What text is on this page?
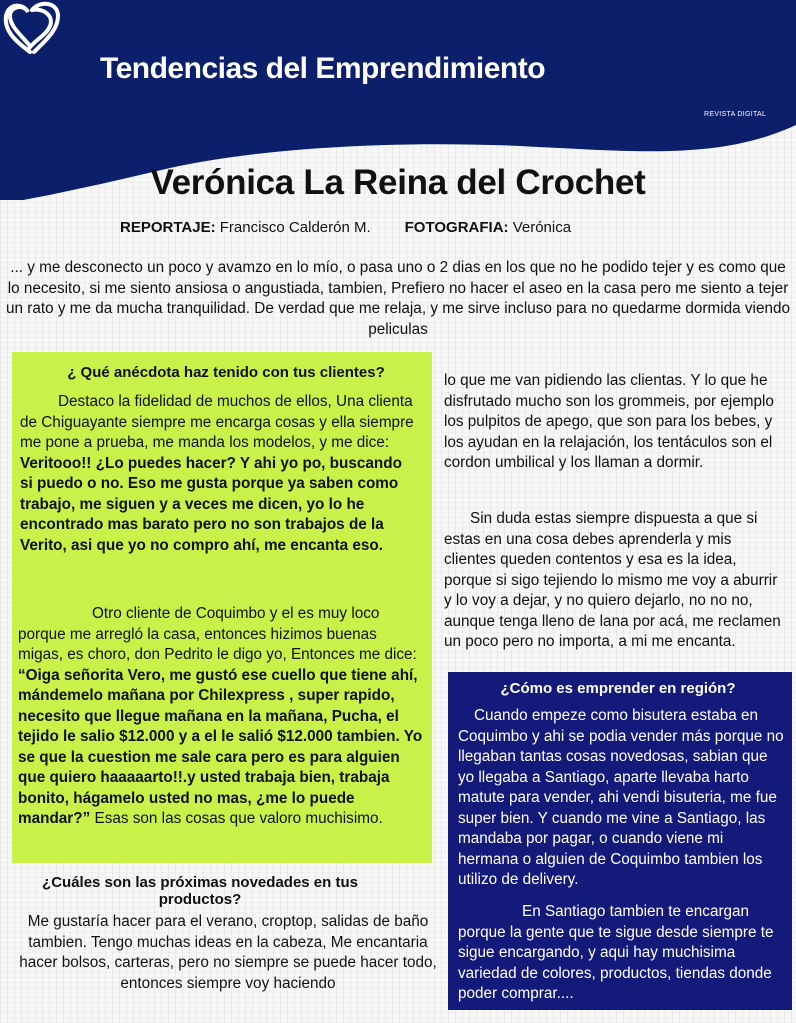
Tendencias del Emprendimiento
REVISTA DIGITAL
Verónica La Reina del Crochet
REPORTAJE: Francisco Calderón M. FOTOGRAFIA: Verónica
... y me desconecto un poco y avamzo en lo mío, o pasa uno o 2 dias en los que no he podido tejer y es como que lo necesito, si me siento ansiosa o angustiada, tambien, Prefiero no hacer el aseo en la casa pero me siento a tejer un rato y me da mucha tranquilidad. De verdad que me relaja, y me sirve incluso para no quedarme dormida viendo peliculas
¿ Qué anécdota haz tenido con tus clientes?
Destaco la fidelidad de muchos de ellos, Una clienta de Chiguayante siempre me encarga cosas y ella siempre me pone a prueba, me manda los modelos, y me dice: Veritooo!! ¿Lo puedes hacer? Y ahi yo po, buscando si puedo o no. Eso me gusta porque ya saben como trabajo, me siguen y a veces me dicen, yo lo he encontrado mas barato pero no son trabajos de la Verito, asi que yo no compro ahí, me encanta eso.
Otro cliente de Coquimbo y el es muy loco porque me arregló la casa, entonces hizimos buenas migas, es choro, don Pedrito le digo yo, Entonces me dice: “Oiga señorita Vero, me gustó ese cuello que tiene ahí, mándemelo mañana por Chilexpress , super rapido, necesito que llegue mañana en la mañana, Pucha, el tejido le salio $12.000 y a el le salió $12.000 tambien. Yo se que la cuestion me sale cara pero es para alguien que quiero haaaaarto!!.y usted trabaja bien, trabaja bonito, hágamelo usted no mas, ¿me lo puede mandar?” Esas son las cosas que valoro muchisimo.
lo que me van pidiendo las clientas. Y lo que he disfrutado mucho son los grommeis, por ejemplo los pulpitos de apego, que son para los bebes, y los ayudan en la relajación, los tentáculos son el cordon umbilical y los llaman a dormir.
Sin duda estas siempre dispuesta a que si estas en una cosa debes aprenderla y mis clientes queden contentos y esa es la idea, porque si sigo tejiendo lo mismo me voy a aburrir y lo voy a dejar, y no quiero dejarlo, no no no, aunque tenga lleno de lana por acá, me reclamen un poco pero no importa, a mi me encanta.
¿Cómo es emprender en región?
Cuando empeze como bisutera estaba en Coquimbo y ahi se podia vender más porque no llegaban tantas cosas novedosas, sabian que yo llegaba a Santiago, aparte llevaba harto matute para vender, ahi vendi bisuteria, me fue super bien. Y cuando me vine a Santiago, las mandaba por pagar, o cuando viene mi hermana o alguien de Coquimbo tambien los utilizo de delivery.
En Santiago tambien te encargan porque la gente que te sigue desde siempre te sigue encargando, y aqui hay muchisima variedad de colores, productos, tiendas donde poder comprar....
¿Cuáles son las próximas novedades en tus productos?
Me gustaría hacer para el verano, croptop, salidas de baño tambien. Tengo muchas ideas en la cabeza, Me encantaria hacer bolsos, carteras, pero no siempre se puede hacer todo, entonces siempre voy haciendo
